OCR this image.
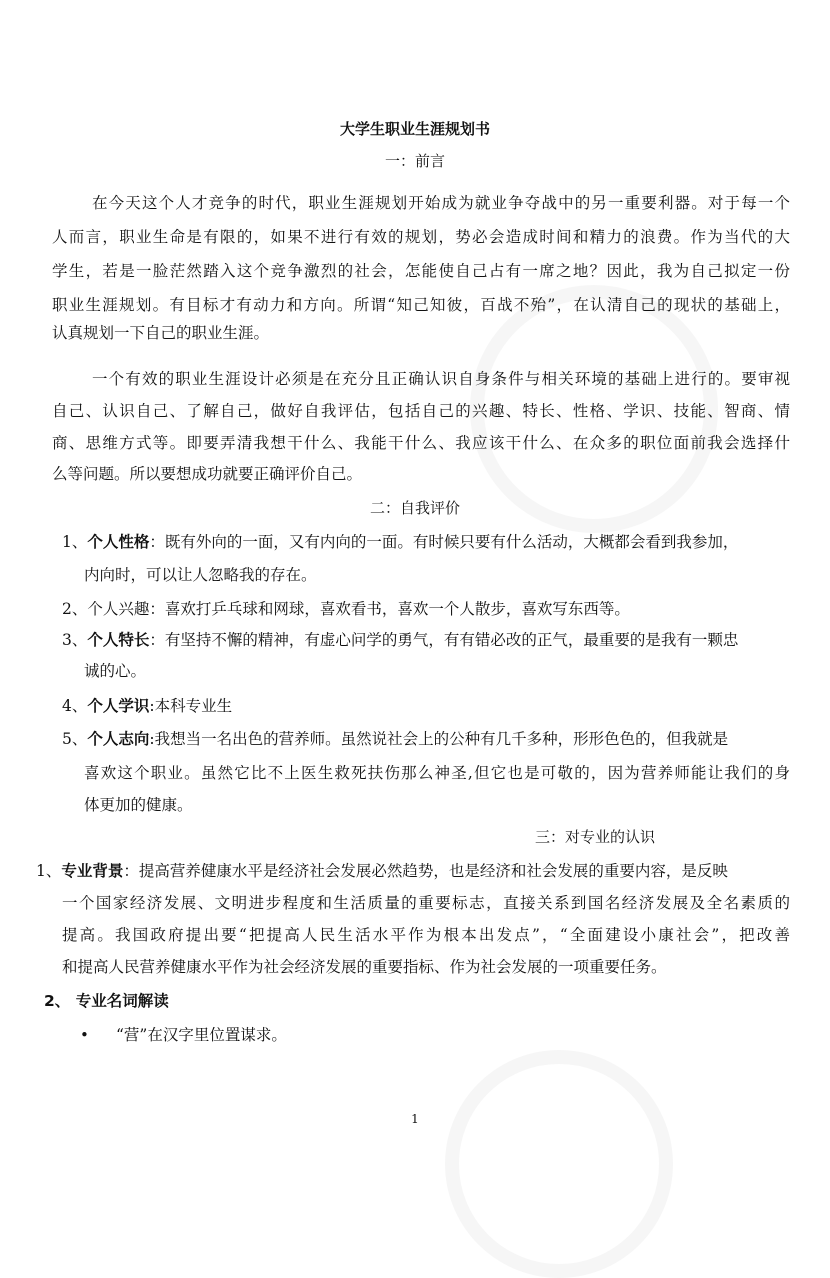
大学生职业生涯规划书
一：前言
在今天这个人才竞争的时代，职业生涯规划开始成为就业争夺战中的另一重要利器。对于每一个
人而言，职业生命是有限的，如果不进行有效的规划，势必会造成时间和精力的浪费。作为当代的大
学生，若是一脸茫然踏入这个竞争激烈的社会，怎能使自己占有一席之地？因此，我为自己拟定一份
职业生涯规划。有目标才有动力和方向。所谓“知己知彼，百战不殆”，在认清自己的现状的基础上，
认真规划一下自己的职业生涯。
一个有效的职业生涯设计必须是在充分且正确认识自身条件与相关环境的基础上进行的。要审视
自己、认识自己、了解自己，做好自我评估，包括自己的兴趣、特长、性格、学识、技能、智商、情
商、思维方式等。即要弄清我想干什么、我能干什么、我应该干什么、在众多的职位面前我会选择什
么等问题。所以要想成功就要正确评价自己。
二：自我评价
1、个人性格：既有外向的一面，又有内向的一面。有时候只要有什么活动，大概都会看到我参加，
内向时，可以让人忽略我的存在。
2、个人兴趣：喜欢打乒乓球和网球，喜欢看书，喜欢一个人散步，喜欢写东西等。
3、个人特长：有坚持不懈的精神，有虚心问学的勇气，有有错必改的正气，最重要的是我有一颗忠
诚的心。
4、个人学识:本科专业生
5、个人志向:我想当一名出色的营养师。虽然说社会上的公种有几千多种，形形色色的，但我就是
喜欢这个职业。虽然它比不上医生救死扶伤那么神圣,但它也是可敬的，因为营养师能让我们的身
体更加的健康。
三：对专业的认识
1、专业背景：提高营养健康水平是经济社会发展必然趋势，也是经济和社会发展的重要内容，是反映
一个国家经济发展、文明进步程度和生活质量的重要标志，直接关系到国名经济发展及全名素质的
提高。我国政府提出要“把提高人民生活水平作为根本出发点”，“全面建设小康社会”，把改善
和提高人民营养健康水平作为社会经济发展的重要指标、作为社会发展的一项重要任务。
2、 专业名词解读
• “营”在汉字里位置谋求。
1
